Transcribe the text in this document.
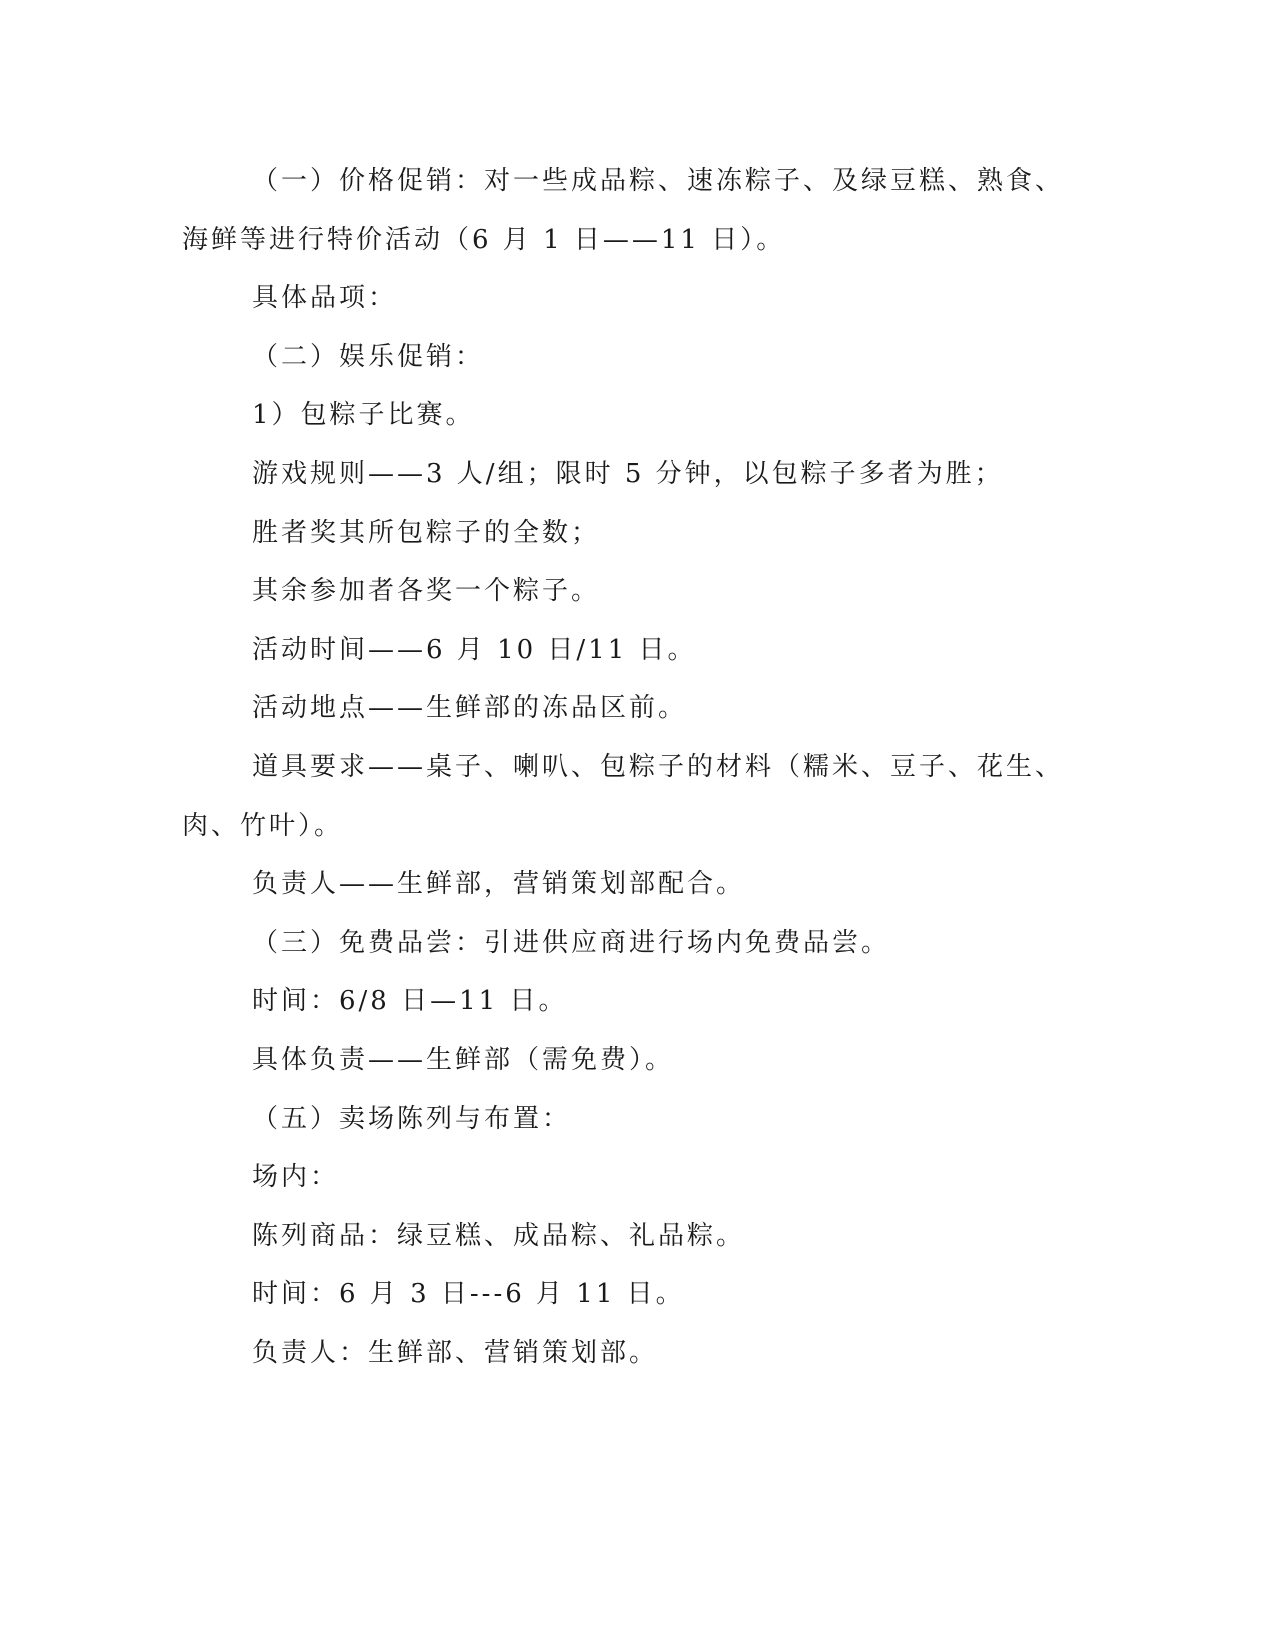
（一）价格促销：对一些成品粽、速冻粽子、及绿豆糕、熟食、

海鲜等进行特价活动（6 月 1 日——11 日）。

具体品项：

（二）娱乐促销：

1）包粽子比赛。

游戏规则——3 人/组；限时 5 分钟，以包粽子多者为胜；

胜者奖其所包粽子的全数；

其余参加者各奖一个粽子。

活动时间——6 月 10 日/11 日。

活动地点——生鲜部的冻品区前。

道具要求——桌子、喇叭、包粽子的材料（糯米、豆子、花生、

肉、竹叶）。

负责人——生鲜部，营销策划部配合。

（三）免费品尝：引进供应商进行场内免费品尝。

时间：6/8 日—11 日。

具体负责——生鲜部（需免费）。

（五）卖场陈列与布置：

场内：

陈列商品：绿豆糕、成品粽、礼品粽。

时间：6 月 3 日---6 月 11 日。

负责人：生鲜部、营销策划部。
